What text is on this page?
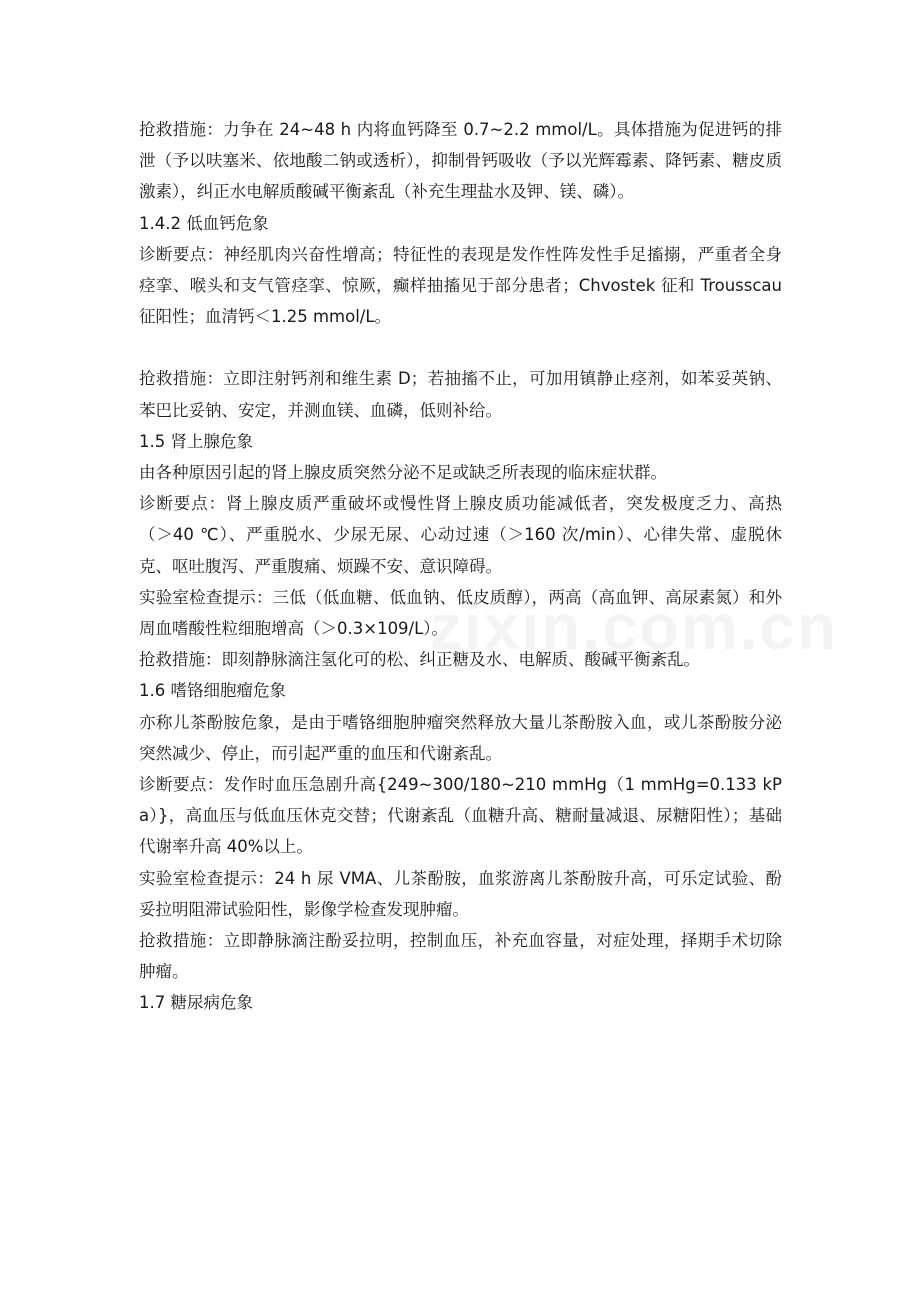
抢救措施：力争在 24~48 h 内将血钙降至 0.7~2.2 mmol/L。具体措施为促进钙的排泄（予以呋塞米、依地酸二钠或透析），抑制骨钙吸收（予以光辉霉素、降钙素、糖皮质激素），纠正水电解质酸碱平衡紊乱（补充生理盐水及钾、镁、磷）。

1.4.2 低血钙危象

诊断要点：神经肌肉兴奋性增高；特征性的表现是发作性阵发性手足搐搦，严重者全身痉挛、喉头和支气管痉挛、惊厥，癫样抽搐见于部分患者；Chvostek 征和 Trousscau 征阳性；血清钙＜1.25 mmol/L。

抢救措施：立即注射钙剂和维生素 D；若抽搐不止，可加用镇静止痉剂，如苯妥英钠、苯巴比妥钠、安定，并测血镁、血磷，低则补给。

1.5 肾上腺危象

由各种原因引起的肾上腺皮质突然分泌不足或缺乏所表现的临床症状群。

诊断要点：肾上腺皮质严重破坏或慢性肾上腺皮质功能减低者，突发极度乏力、高热（＞40 ℃）、严重脱水、少尿无尿、心动过速（＞160 次/min）、心律失常、虚脱休克、呕吐腹泻、严重腹痛、烦躁不安、意识障碍。

实验室检查提示：三低（低血糖、低血钠、低皮质醇），两高（高血钾、高尿素氮）和外周血嗜酸性粒细胞增高（＞0.3×109/L）。

抢救措施：即刻静脉滴注氢化可的松、纠正糖及水、电解质、酸碱平衡紊乱。

1.6 嗜铬细胞瘤危象

亦称儿茶酚胺危象，是由于嗜铬细胞肿瘤突然释放大量儿茶酚胺入血，或儿茶酚胺分泌突然减少、停止，而引起严重的血压和代谢紊乱。

诊断要点：发作时血压急剧升高{249~300/180~210 mmHg（1 mmHg=0.133 kPa）}，高血压与低血压休克交替；代谢紊乱（血糖升高、糖耐量减退、尿糖阳性）；基础代谢率升高 40%以上。

实验室检查提示：24 h 尿 VMA、儿茶酚胺，血浆游离儿茶酚胺升高，可乐定试验、酚妥拉明阻滞试验阳性，影像学检查发现肿瘤。

抢救措施：立即静脉滴注酚妥拉明，控制血压，补充血容量，对症处理，择期手术切除肿瘤。

1.7 糖尿病危象
